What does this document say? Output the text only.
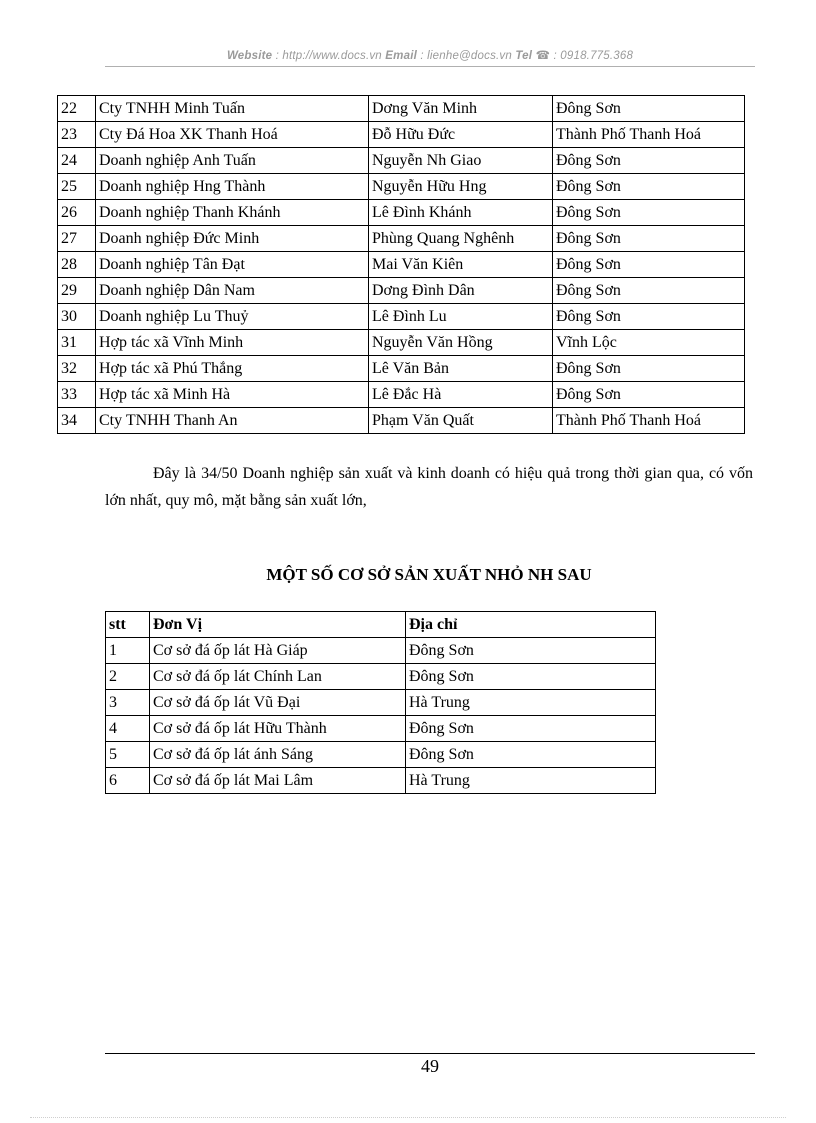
Website : http://www.docs.vn Email : lienhe@docs.vn Tel ☎ : 0918.775.368
22	Cty TNHH Minh Tuấn	Dơng Văn Minh	Đông Sơn
23	Cty Đá Hoa XK Thanh Hoá	Đỗ Hữu Đức	Thành Phố Thanh Hoá
24	Doanh nghiệp Anh Tuấn	Nguyễn Nh Giao	Đông Sơn
25	Doanh nghiệp Hng Thành	Nguyễn Hữu Hng	Đông Sơn
26	Doanh nghiệp Thanh Khánh	Lê Đình Khánh	Đông Sơn
27	Doanh nghiệp Đức Minh	Phùng Quang Nghênh	Đông Sơn
28	Doanh nghiệp Tân Đạt	Mai Văn Kiên	Đông Sơn
29	Doanh nghiệp Dân Nam	Dơng Đình Dân	Đông Sơn
30	Doanh nghiệp Lu Thuỷ	Lê Đình Lu	Đông Sơn
31	Hợp tác xã Vĩnh Minh	Nguyễn Văn Hồng	Vĩnh Lộc
32	Hợp tác xã Phú Thắng	Lê Văn Bản	Đông Sơn
33	Hợp tác xã Minh Hà	Lê Đắc Hà	Đông Sơn
34	Cty TNHH Thanh An	Phạm Văn Quất	Thành Phố Thanh Hoá
Đây là 34/50 Doanh nghiệp sản xuất và kinh doanh có hiệu quả trong thời gian qua, có vốn lớn nhất, quy mô, mặt bằng sản xuất lớn,
MỘT SỐ CƠ SỞ SẢN XUẤT NHỎ NH SAU
stt	Đơn Vị	Địa chỉ
1	Cơ sở đá ốp lát Hà Giáp	Đông Sơn
2	Cơ sở đá ốp lát Chính Lan	Đông Sơn
3	Cơ sở đá ốp lát Vũ Đại	Hà Trung
4	Cơ sở đá ốp lát Hữu Thành	Đông Sơn
5	Cơ sở đá ốp lát ánh Sáng	Đông Sơn
6	Cơ sở đá ốp lát Mai Lâm	Hà Trung
49
